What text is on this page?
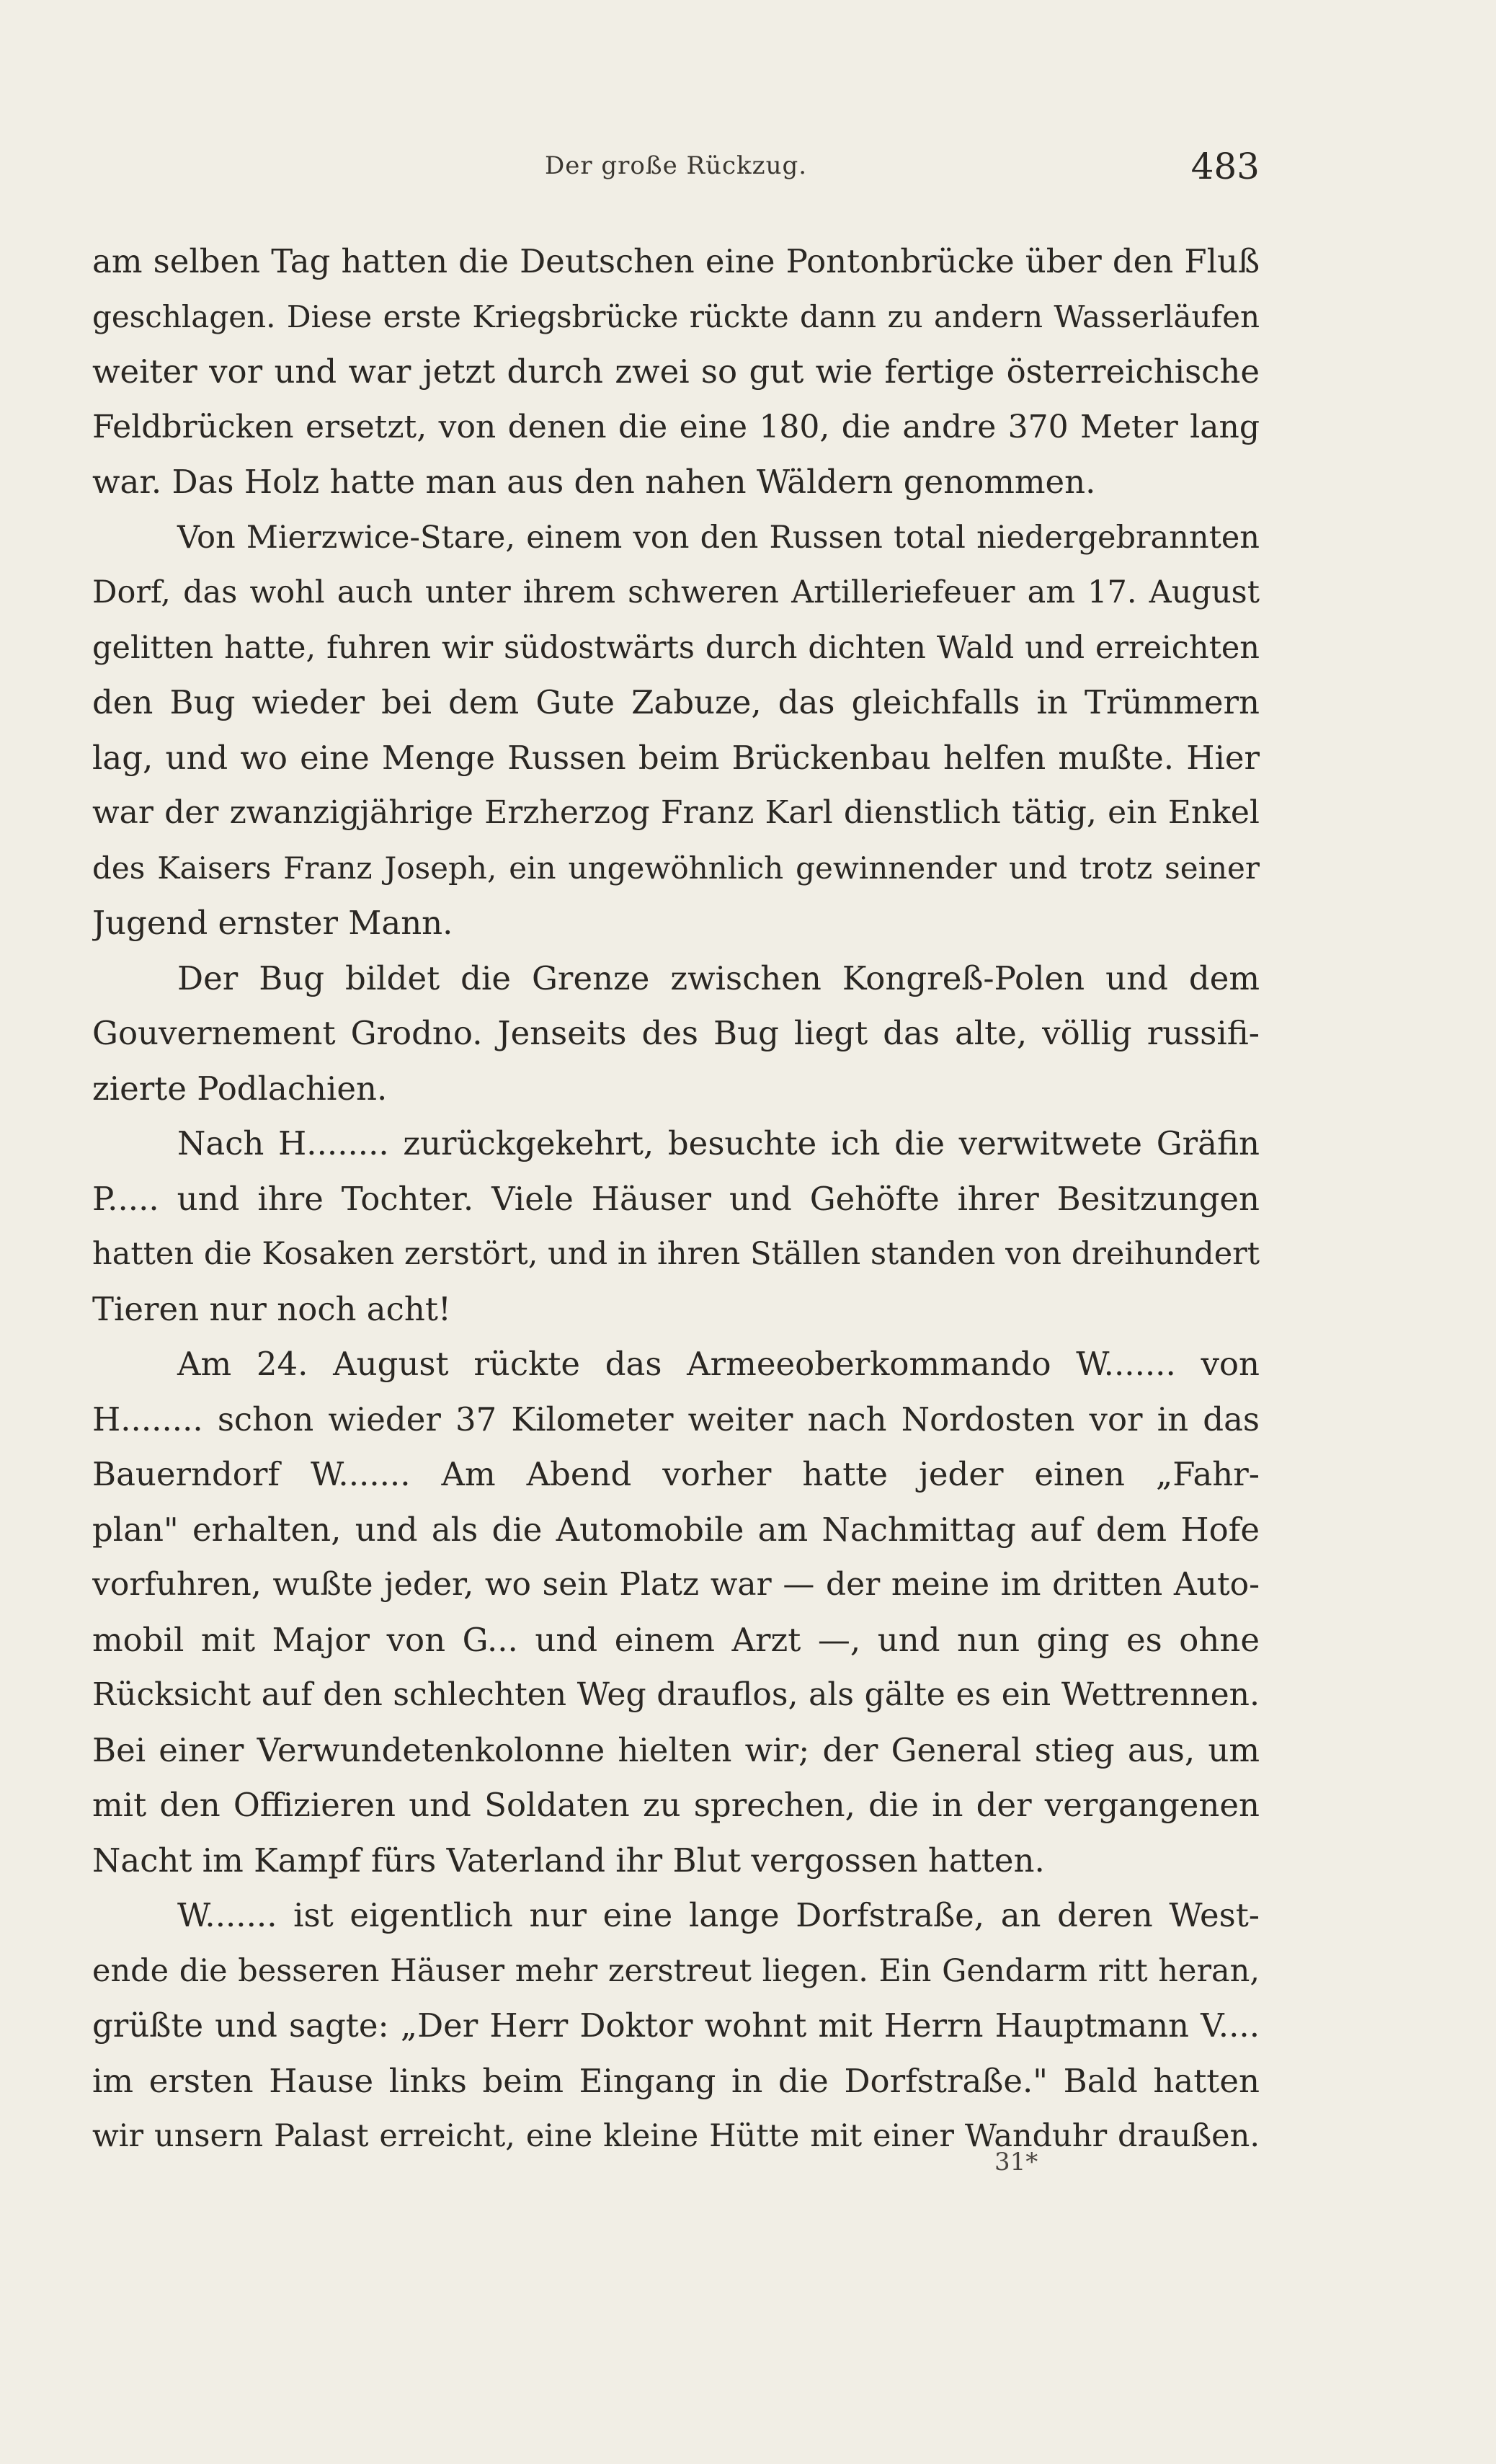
Der große Rückzug.	483
am selben Tag hatten die Deutschen eine Pontonbrücke über den Fluß
geschlagen. Diese erste Kriegsbrücke rückte dann zu andern Wasserläufen
weiter vor und war jetzt durch zwei so gut wie fertige österreichische
Feldbrücken ersetzt, von denen die eine 180, die andre 370 Meter lang
war. Das Holz hatte man aus den nahen Wäldern genommen.
Von Mierzwice-Stare, einem von den Russen total niedergebrannten
Dorf, das wohl auch unter ihrem schweren Artilleriefeuer am 17. August
gelitten hatte, fuhren wir südostwärts durch dichten Wald und erreichten
den Bug wieder bei dem Gute Zabuze, das gleichfalls in Trümmern
lag, und wo eine Menge Russen beim Brückenbau helfen mußte. Hier
war der zwanzigjährige Erzherzog Franz Karl dienstlich tätig, ein Enkel
des Kaisers Franz Joseph, ein ungewöhnlich gewinnender und trotz seiner
Jugend ernster Mann.
Der Bug bildet die Grenze zwischen Kongreß-Polen und dem
Gouvernement Grodno. Jenseits des Bug liegt das alte, völlig russifi-
zierte Podlachien.
Nach H........ zurückgekehrt, besuchte ich die verwitwete Gräfin
P..... und ihre Tochter. Viele Häuser und Gehöfte ihrer Besitzungen
hatten die Kosaken zerstört, und in ihren Ställen standen von dreihundert
Tieren nur noch acht!
Am 24. August rückte das Armeeoberkommando W....... von
H........ schon wieder 37 Kilometer weiter nach Nordosten vor in das
Bauerndorf W....... Am Abend vorher hatte jeder einen „Fahr-
plan" erhalten, und als die Automobile am Nachmittag auf dem Hofe
vorfuhren, wußte jeder, wo sein Platz war — der meine im dritten Auto-
mobil mit Major von G... und einem Arzt —, und nun ging es ohne
Rücksicht auf den schlechten Weg drauflos, als gälte es ein Wettrennen.
Bei einer Verwundetenkolonne hielten wir; der General stieg aus, um
mit den Offizieren und Soldaten zu sprechen, die in der vergangenen
Nacht im Kampf fürs Vaterland ihr Blut vergossen hatten.
W....... ist eigentlich nur eine lange Dorfstraße, an deren West-
ende die besseren Häuser mehr zerstreut liegen. Ein Gendarm ritt heran,
grüßte und sagte: „Der Herr Doktor wohnt mit Herrn Hauptmann V....
im ersten Hause links beim Eingang in die Dorfstraße." Bald hatten
wir unsern Palast erreicht, eine kleine Hütte mit einer Wanduhr draußen.
31*
